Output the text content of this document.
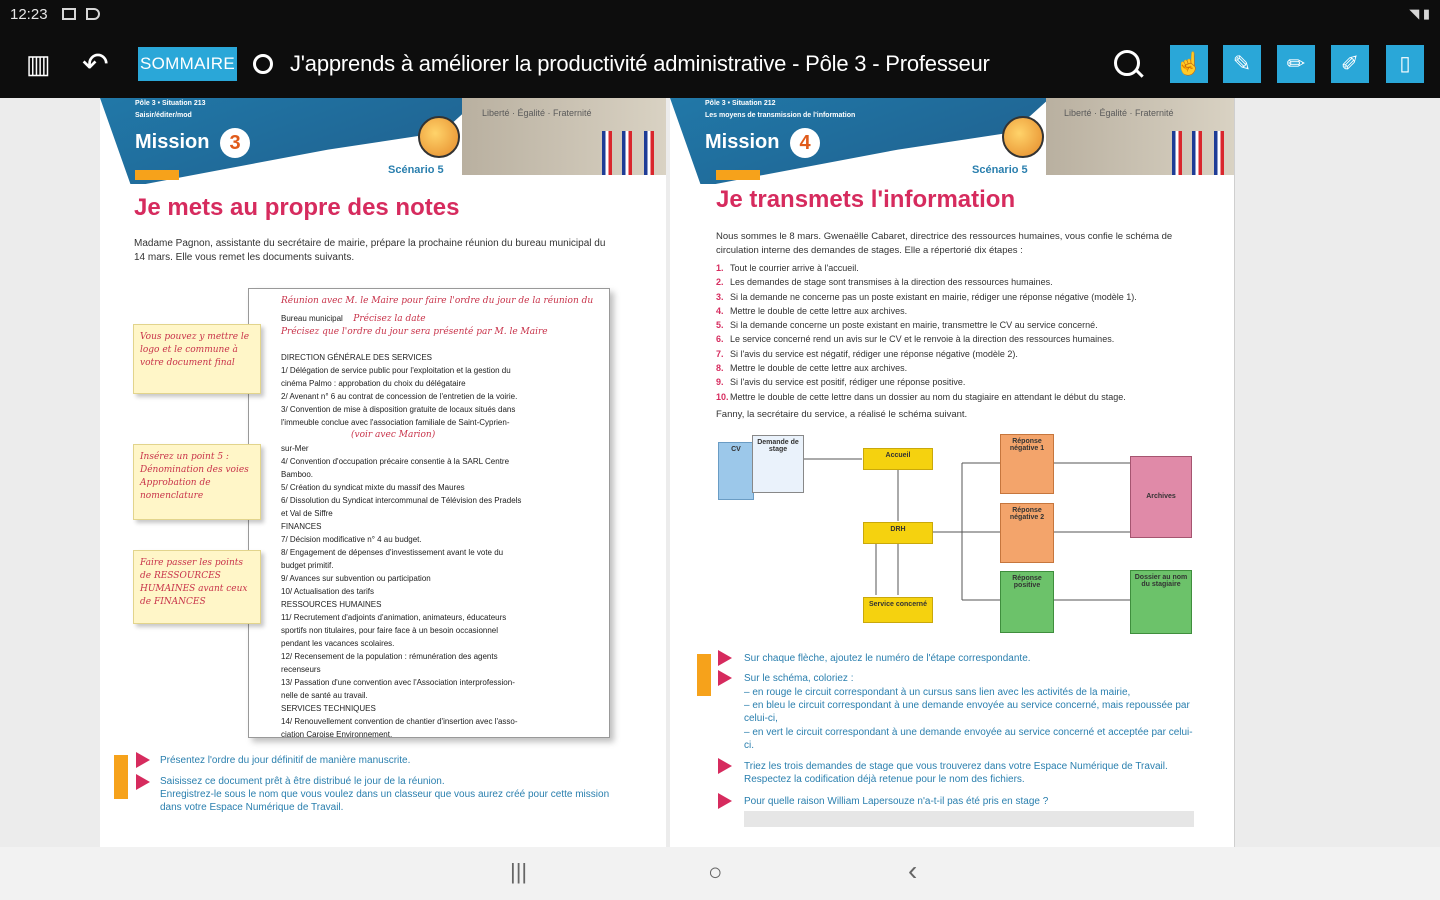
12:23	◥ ▮
▥ ↶ SOMMAIRE	J'apprends à améliorer la productivité administrative - Pôle 3 - Professeur	☝	✎	✏	✐	▯
Pôle 3 • Situation 213
Saisir/éditer/mod
Mission 3
Scénario 5
Liberté · Égalité · Fraternité
Je mets au propre des notes
Madame Pagnon, assistante du secrétaire de mairie, prépare la prochaine réunion du bureau municipal du 14 mars. Elle vous remet les documents suivants.
Réunion avec M. le Maire pour faire l'ordre du jour de la réunion du
Bureau municipal Précisez la date
Précisez que l'ordre du jour sera présenté par M. le Maire
DIRECTION GÉNÉRALE DES SERVICES
1/ Délégation de service public pour l'exploitation et la gestion du
cinéma Palmo : approbation du choix du délégataire
2/ Avenant n° 6 au contrat de concession de l'entretien de la voirie.
3/ Convention de mise à disposition gratuite de locaux situés dans
l'immeuble conclue avec l'association familiale de Saint-Cyprien-
(voir avec Marion)
sur-Mer
4/ Convention d'occupation précaire consentie à la SARL Centre
Bamboo.
5/ Création du syndicat mixte du massif des Maures
6/ Dissolution du Syndicat intercommunal de Télévision des Pradels
et Val de Siffre
FINANCES
7/ Décision modificative n° 4 au budget.
8/ Engagement de dépenses d'investissement avant le vote du
budget primitif.
9/ Avances sur subvention ou participation
10/ Actualisation des tarifs
RESSOURCES HUMAINES
11/ Recrutement d'adjoints d'animation, animateurs, éducateurs
sportifs non titulaires, pour faire face à un besoin occasionnel
pendant les vacances scolaires.
12/ Recensement de la population : rémunération des agents
recenseurs
13/ Passation d'une convention avec l'Association interprofession-
nelle de santé au travail.
SERVICES TECHNIQUES
14/ Renouvellement convention de chantier d'insertion avec l'asso-
ciation Caroise Environnement.
Vous pouvez y mettre le logo et le commune à votre document final
Insérez un point 5 : Dénomination des voies Approbation de nomenclature
Faire passer les points de RESSOURCES HUMAINES avant ceux de FINANCES
Présentez l'ordre du jour définitif de manière manuscrite.
Saisissez ce document prêt à être distribué le jour de la réunion.
Enregistrez-le sous le nom que vous voulez dans un classeur que vous aurez créé pour cette mission dans votre Espace Numérique de Travail.
Pôle 3 • Situation 212
Les moyens de transmission de l'information
Mission 4
Scénario 5
Liberté · Égalité · Fraternité
Je transmets l'information
Nous sommes le 8 mars. Gwenaëlle Cabaret, directrice des ressources humaines, vous confie le schéma de circulation interne des demandes de stages. Elle a répertorié dix étapes :
1. Tout le courrier arrive à l'accueil.
2. Les demandes de stage sont transmises à la direction des ressources humaines.
3. Si la demande ne concerne pas un poste existant en mairie, rédiger une réponse négative (modèle 1).
4. Mettre le double de cette lettre aux archives.
5. Si la demande concerne un poste existant en mairie, transmettre le CV au service concerné.
6. Le service concerné rend un avis sur le CV et le renvoie à la direction des ressources humaines.
7. Si l'avis du service est négatif, rédiger une réponse négative (modèle 2).
8. Mettre le double de cette lettre aux archives.
9. Si l'avis du service est positif, rédiger une réponse positive.
10.Mettre le double de cette lettre dans un dossier au nom du stagiaire en attendant le début du stage.
Fanny, la secrétaire du service, a réalisé le schéma suivant.
CV
Demande de stage
Accueil
DRH
Service concerné
Réponse négative 1
Réponse négative 2
Réponse positive
Archives
Dossier au nom du stagiaire
Sur chaque flèche, ajoutez le numéro de l'étape correspondante.
Sur le schéma, coloriez :
– en rouge le circuit correspondant à un cursus sans lien avec les activités de la mairie,
– en bleu le circuit correspondant à une demande envoyée au service concerné, mais repoussée par celui-ci,
– en vert le circuit correspondant à une demande envoyée au service concerné et acceptée par celui-ci.
Triez les trois demandes de stage que vous trouverez dans votre Espace Numérique de Travail. Respectez la codification déjà retenue pour le nom des fichiers.
Pour quelle raison William Lapersouze n'a-t-il pas été pris en stage ?
|||	○	‹
